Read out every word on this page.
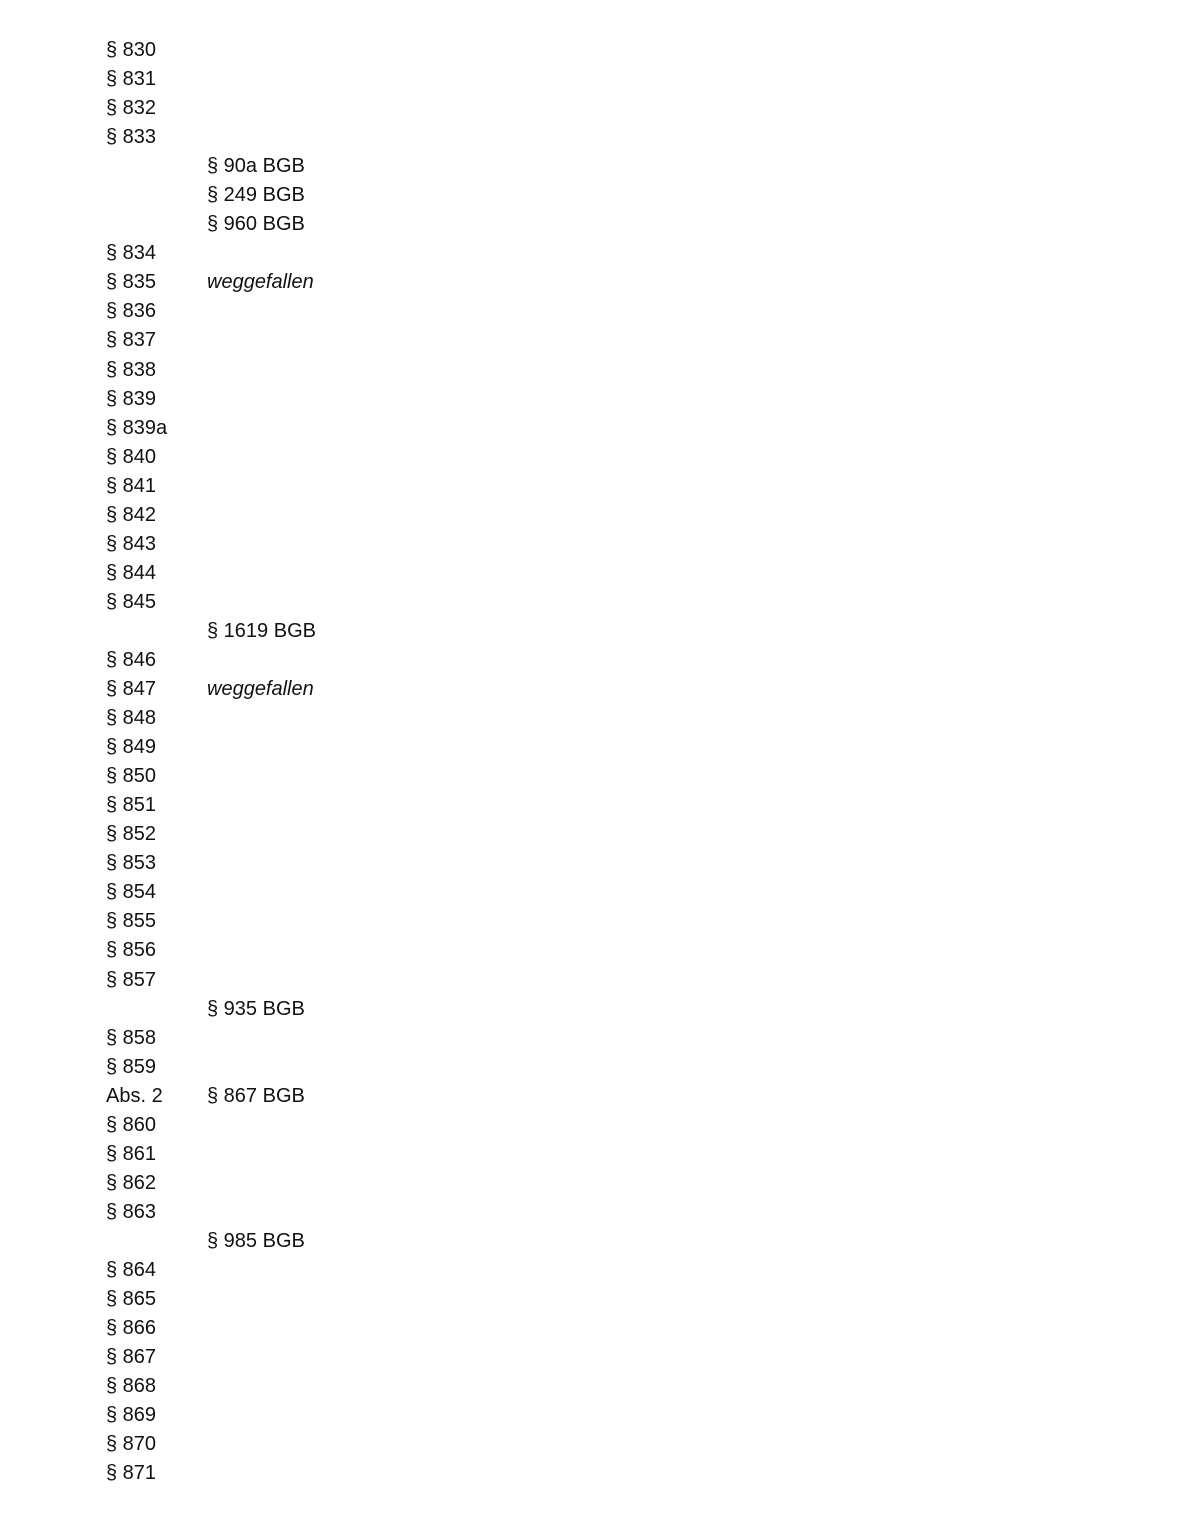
§ 830
§ 831
§ 832
§ 833
§ 90a BGB
§ 249 BGB
§ 960 BGB
§ 834
§ 835	weggefallen
§ 836
§ 837
§ 838
§ 839
§ 839a
§ 840
§ 841
§ 842
§ 843
§ 844
§ 845
§ 1619 BGB
§ 846
§ 847	weggefallen
§ 848
§ 849
§ 850
§ 851
§ 852
§ 853
§ 854
§ 855
§ 856
§ 857
§ 935 BGB
§ 858
§ 859
Abs. 2 § 867 BGB
§ 860
§ 861
§ 862
§ 863
§ 985 BGB
§ 864
§ 865
§ 866
§ 867
§ 868
§ 869
§ 870
§ 871
